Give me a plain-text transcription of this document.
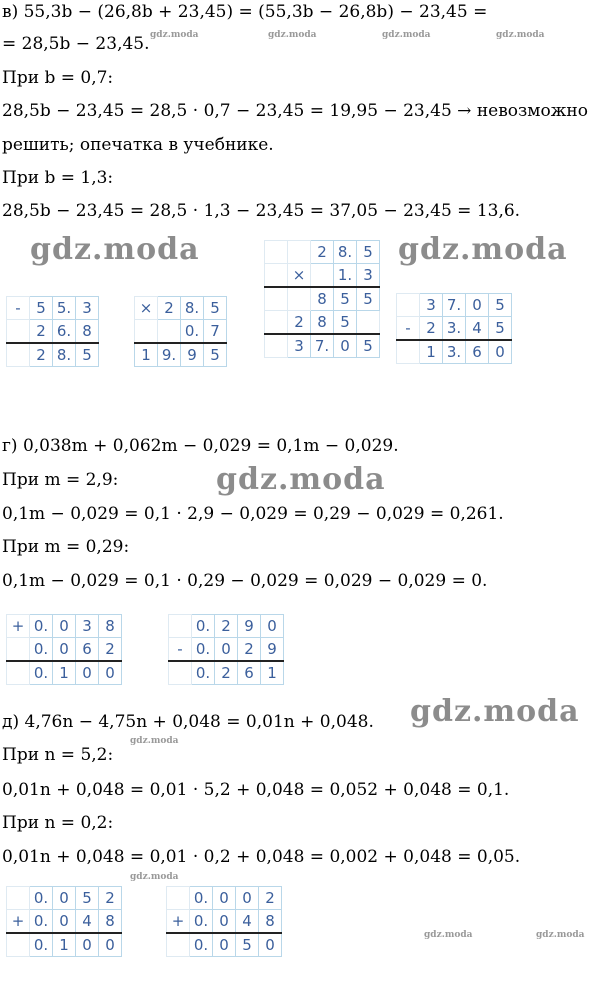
в) 55,3b − (26,8b + 23,45) = (55,3b − 26,8b) − 23,45 =

= 28,5b − 23,45.

При b = 0,7:

28,5b − 23,45 = 28,5 · 0,7 − 23,45 = 19,95 − 23,45 → невозможно

решить; опечатка в учебнике.

При b = 1,3:

28,5b − 23,45 = 28,5 · 1,3 − 23,45 = 37,05 − 23,45 = 13,6.

gdz.moda	gdz.moda	gdz.moda	gdz.moda
gdz.moda	gdz.moda
-	5	5.	3
	2	6.	8
	2	8.	5
×	2	8.	5
		0.	7
1	9.	9	5
		2	8.	5
	×		1.	3
		8	5	5
	2	8	5	
	3	7.	0	5
	3	7.	0	5
-	2	3.	4	5
	1	3.	6	0

г) 0,038m + 0,062m − 0,029 = 0,1m − 0,029.

При m = 2,9:

0,1m − 0,029 = 0,1 · 2,9 − 0,029 = 0,29 − 0,029 = 0,261.

При m = 0,29:

0,1m − 0,029 = 0,1 · 0,29 − 0,029 = 0,029 − 0,029 = 0.

gdz.moda
+	0.	0	3	8
	0.	0	6	2
	0.	1	0	0
	0.	2	9	0
-	0.	0	2	9
	0.	2	6	1

д) 4,76n − 4,75n + 0,048 = 0,01n + 0,048.

При n = 5,2:

0,01n + 0,048 = 0,01 · 5,2 + 0,048 = 0,052 + 0,048 = 0,1.

При n = 0,2:

0,01n + 0,048 = 0,01 · 0,2 + 0,048 = 0,002 + 0,048 = 0,05.

gdz.moda
gdz.moda
gdz.moda
gdz.moda	gdz.moda
	0.	0	5	2
+	0.	0	4	8
	0.	1	0	0
	0.	0	0	2
+	0.	0	4	8
	0.	0	5	0
